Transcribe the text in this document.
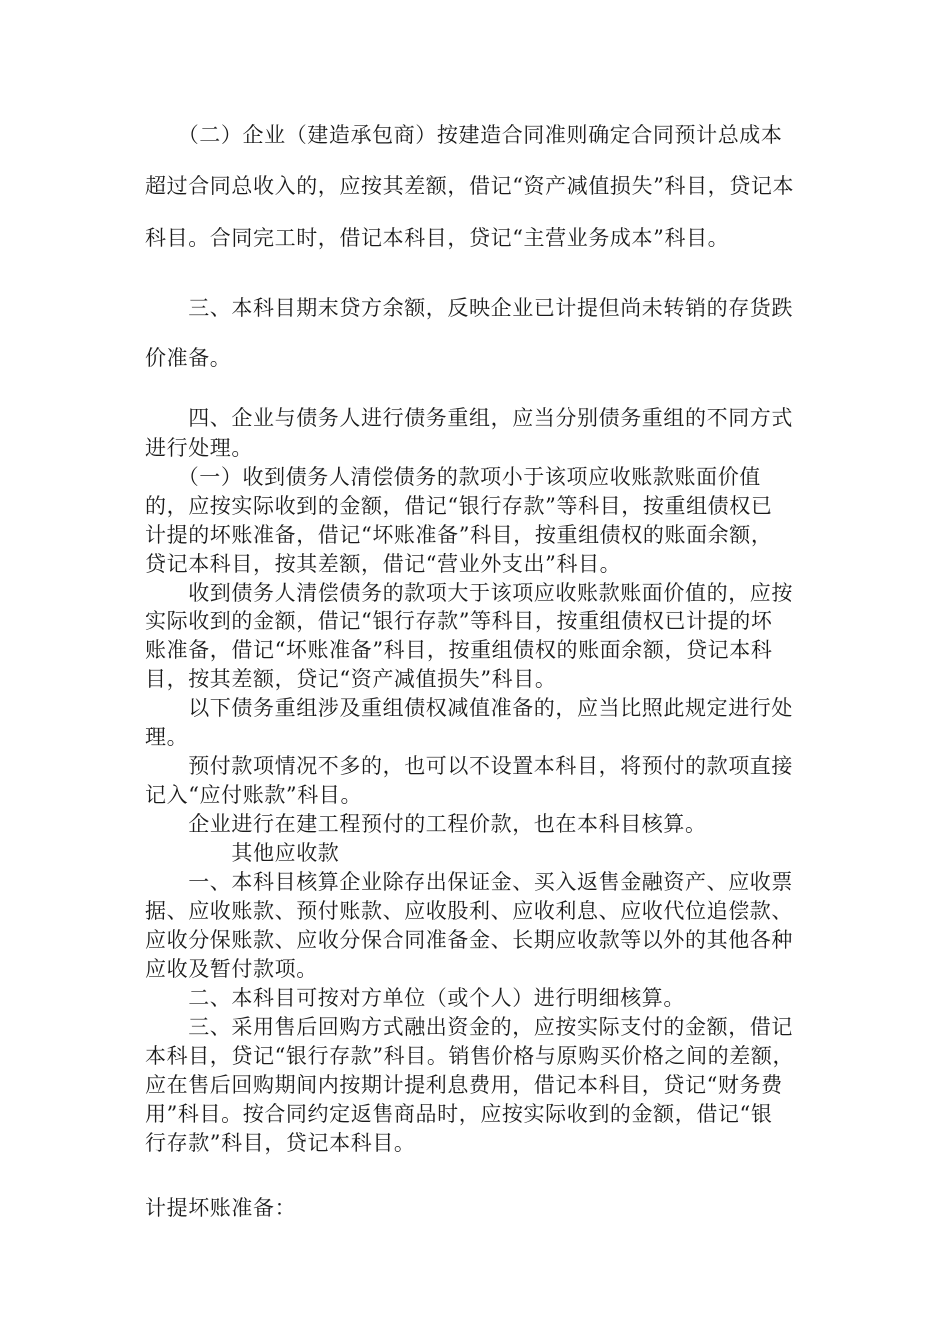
　　（二）企业（建造承包商）按建造合同准则确定合同预计总成本
超过合同总收入的，应按其差额，借记“资产减值损失”科目，贷记本
科目。合同完工时，借记本科目，贷记“主营业务成本”科目。
　　三、本科目期末贷方余额，反映企业已计提但尚未转销的存货跌
价准备。
　　四、企业与债务人进行债务重组，应当分别债务重组的不同方式
进行处理。
　　（一）收到债务人清偿债务的款项小于该项应收账款账面价值
的，应按实际收到的金额，借记“银行存款”等科目，按重组债权已
计提的坏账准备，借记“坏账准备”科目，按重组债权的账面余额，
贷记本科目，按其差额，借记“营业外支出”科目。
　　收到债务人清偿债务的款项大于该项应收账款账面价值的，应按
实际收到的金额，借记“银行存款”等科目，按重组债权已计提的坏
账准备，借记“坏账准备”科目，按重组债权的账面余额，贷记本科
目，按其差额，贷记“资产减值损失”科目。
　　以下债务重组涉及重组债权减值准备的，应当比照此规定进行处
理。
　　预付款项情况不多的，也可以不设置本科目，将预付的款项直接
记入“应付账款”科目。
　　企业进行在建工程预付的工程价款，也在本科目核算。
　　　　其他应收款
　　一、本科目核算企业除存出保证金、买入返售金融资产、应收票
据、应收账款、预付账款、应收股利、应收利息、应收代位追偿款、
应收分保账款、应收分保合同准备金、长期应收款等以外的其他各种
应收及暂付款项。
　　二、本科目可按对方单位（或个人）进行明细核算。
　　三、采用售后回购方式融出资金的，应按实际支付的金额，借记
本科目，贷记“银行存款”科目。销售价格与原购买价格之间的差额，
应在售后回购期间内按期计提利息费用，借记本科目，贷记“财务费
用”科目。按合同约定返售商品时，应按实际收到的金额，借记“银
行存款”科目，贷记本科目。
计提坏账准备：
